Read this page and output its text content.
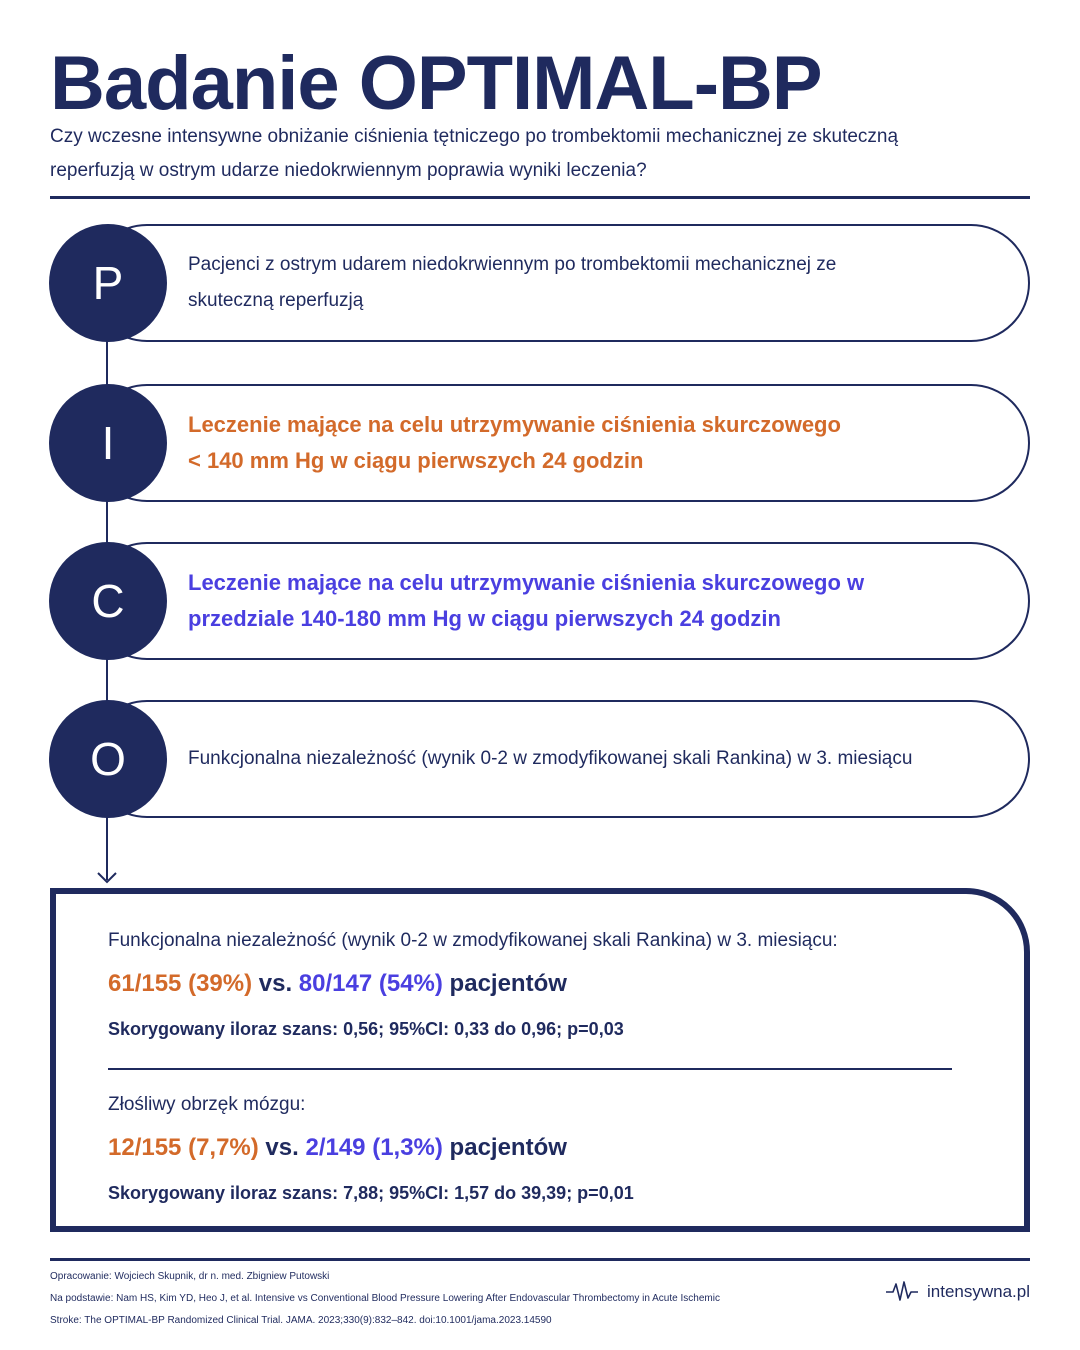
Badanie OPTIMAL-BP
Czy wczesne intensywne obniżanie ciśnienia tętniczego po trombektomii mechanicznej ze skuteczną
reperfuzją w ostrym udarze niedokrwiennym poprawia wyniki leczenia?
Pacjenci z ostrym udarem niedokrwiennym po trombektomii mechanicznej ze
skuteczną reperfuzją
P
Leczenie mające na celu utrzymywanie ciśnienia skurczowego
< 140 mm Hg w ciągu pierwszych 24 godzin
I
Leczenie mające na celu utrzymywanie ciśnienia skurczowego w
przedziale 140-180 mm Hg w ciągu pierwszych 24 godzin
C
Funkcjonalna niezależność (wynik 0-2 w zmodyfikowanej skali Rankina) w 3. miesiącu
O
Funkcjonalna niezależność (wynik 0-2 w zmodyfikowanej skali Rankina) w 3. miesiącu:
61/155 (39%) vs. 80/147 (54%) pacjentów
Skorygowany iloraz szans: 0,56; 95%CI: 0,33 do 0,96; p=0,03
Złośliwy obrzęk mózgu:
12/155 (7,7%) vs. 2/149 (1,3%) pacjentów
Skorygowany iloraz szans: 7,88; 95%CI: 1,57 do 39,39; p=0,01
Opracowanie: Wojciech Skupnik, dr n. med. Zbigniew Putowski
Na podstawie: Nam HS, Kim YD, Heo J, et al. Intensive vs Conventional Blood Pressure Lowering After Endovascular Thrombectomy in Acute Ischemic
Stroke: The OPTIMAL-BP Randomized Clinical Trial. JAMA. 2023;330(9):832–842. doi:10.1001/jama.2023.14590
intensywna.pl
